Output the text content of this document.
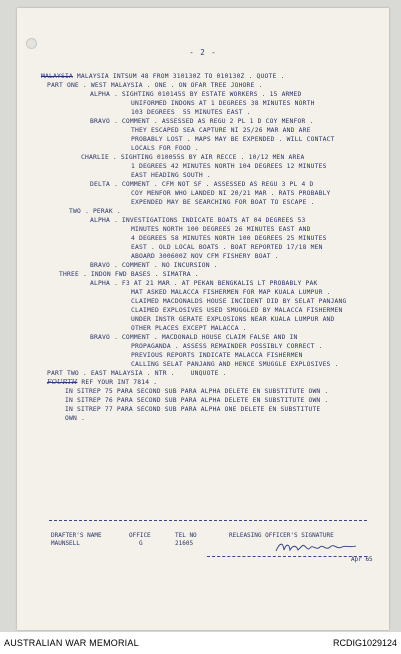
- 2 -
MALAYSIA MALAYSIA INTSUM 48 FROM 310130Z TO 010130Z . QUOTE .
PART ONE . WEST MALAYSIA . ONE . ON OFAR TREE JOHORE .
ALPHA . SIGHTING 010145S BY ESTATE WORKERS . 15 ARMED
UNIFORMED INDONS AT 1 DEGREES 38 MINUTES NORTH
103 DEGREES  55 MINUTES EAST .
BRAVO . COMMENT . ASSESSED AS REGU 2 PL 1 D COY MENFOR .
THEY ESCAPED SEA CAPTURE NI 25/26 MAR AND ARE
PROBABLY LOST . MAPS MAY BE EXPENDED . WILL CONTACT
LOCALS FOR FOOD .
CHARLIE . SIGHTING 010055S BY AIR RECCE . 10/12 MEN AREA
1 DEGREES 42 MINUTES NORTH 104 DEGREES 12 MINUTES
EAST HEADING SOUTH .
DELTA . COMMENT . CFM NOT SF . ASSESSED AS REGU 3 PL 4 D
COY MENFOR WHO LANDED NI 20/21 MAR . RATS PROBABLY
EXPENDED MAY BE SEARCHING FOR BOAT TO ESCAPE .
TWO . PERAK .
ALPHA . INVESTIGATIONS INDICATE BOATS AT 04 DEGREES 53
MINUTES NORTH 100 DEGREES 26 MINUTES EAST AND
4 DEGREES 58 MINUTES NORTH 100 DEGREES 25 MINUTES
EAST . OLD LOCAL BOATS . BOAT REPORTED 17/18 MEN
ABOARD 300600Z NOV CFM FISHERY BOAT .
BRAVO . COMMENT . NO INCURSION .
THREE . INDON FWD BASES . SIMATRA .
ALPHA . F3 AT 21 MAR . AT PEKAN BENGKALIS LT PROBABLY PAK
MAT ASKED MALACCA FISHERMEN FOR MAP KUALA LUMPUR .
CLAIMED MACDONALDS HOUSE INCIDENT DID BY SELAT PANJANG
CLAIMED EXPLOSIVES USED SMUGGLED BY MALACCA FISHERMEN
UNDER INSTR GERATE EXPLOSIONS NEAR KUALA LUMPUR AND
OTHER PLACES EXCEPT MALACCA .
BRAVO . COMMENT . MACDONALD HOUSE CLAIM FALSE AND IN
PROPAGANDA . ASSESS REMAINDER POSSIBLY CORRECT .
PREVIOUS REPORTS INDICATE MALACCA FISHERMEN
CALLING SELAT PANJANG AND HENCE SMUGGLE EXPLOSIVES .
PART TWO . EAST MALAYSIA . NTR .    UNQUOTE .
FOURTH REF YOUR INT 7814 .
IN SITREP 75 PARA SECOND SUB PARA ALPHA DELETE EN SUBSTITUTE OWN .
IN SITREP 76 PARA SECOND SUB PARA ALPHA DELETE EN SUBSTITUTE OWN .
IN SITREP 77 PARA SECOND SUB PARA ALPHA ONE DELETE EN SUBSTITUTE
OWN .
DRAFTER'S NAME
MAUNSELL
OFFICE
G
TEL NO
21605
RELEASING OFFICER'S SIGNATURE
Apr 65
AUSTRALIAN WAR MEMORIAL	RCDIG1029124
